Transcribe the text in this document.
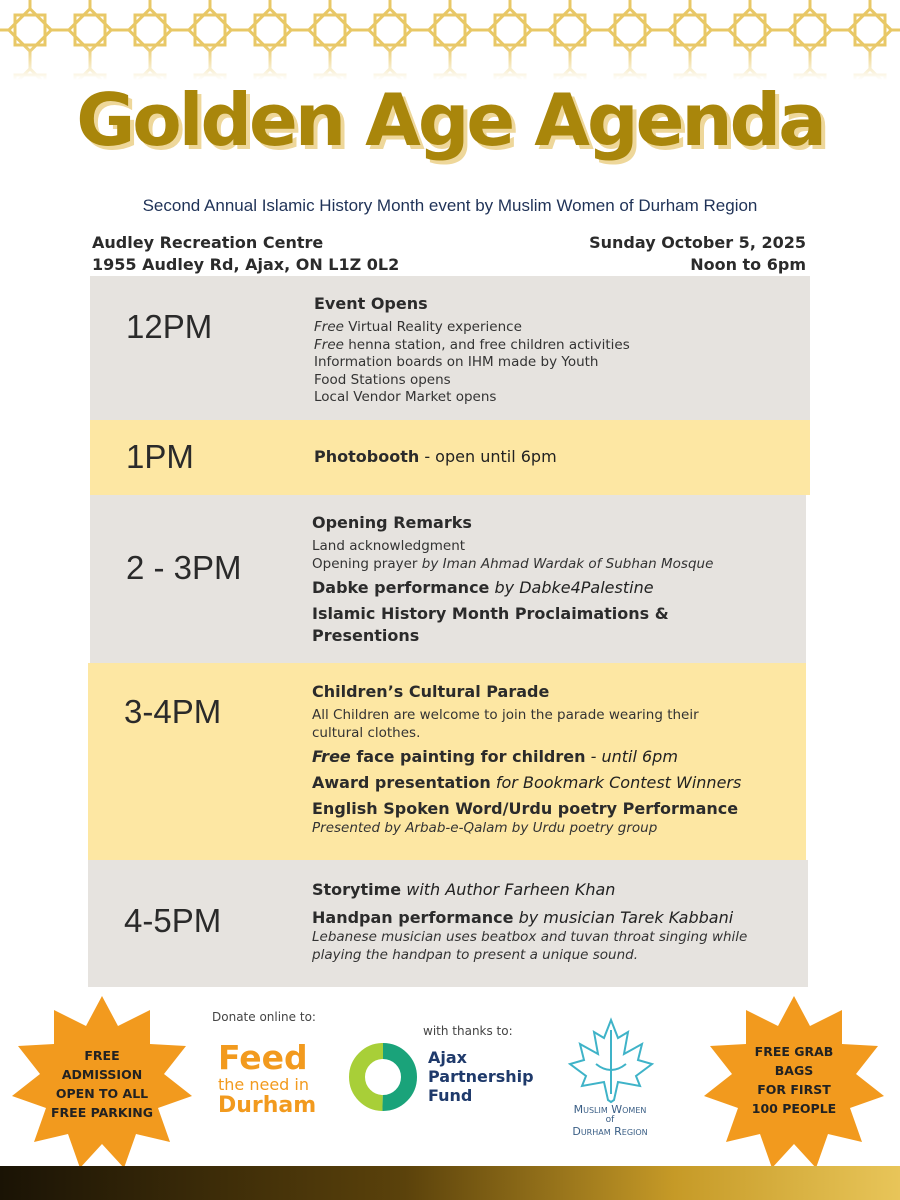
Golden Age Agenda
Second Annual Islamic History Month event by Muslim Women of Durham Region
Audley Recreation Centre
1955 Audley Rd, Ajax, ON L1Z 0L2
Sunday October 5, 2025
Noon to 6pm
12PM
Event Opens
Free Virtual Reality experience
Free henna station, and free children activities
Information boards on IHM made by Youth
Food Stations opens
Local Vendor Market opens
1PM	Photobooth - open until 6pm
2 - 3PM
Opening Remarks
Land acknowledgment
Opening prayer by Iman Ahmad Wardak of Subhan Mosque
Dabke performance by Dabke4Palestine
Islamic History Month Proclaimations & Presentions
3-4PM
Children’s Cultural Parade
All Children are welcome to join the parade wearing their cultural clothes.
Free face painting for children - until 6pm
Award presentation for Bookmark Contest Winners
English Spoken Word/Urdu poetry Performance
Presented by Arbab-e-Qalam by Urdu poetry group
4-5PM
Storytime with Author Farheen Khan
Handpan performance by musician Tarek Kabbani
Lebanese musician uses beatbox and tuvan throat singing while playing the handpan to present a unique sound.
FREE
ADMISSION
OPEN TO ALL
FREE PARKING
Donate online to:
Feed
the need in
Durham
with thanks to:
Ajax
Partnership
Fund
Muslim Women
of
Durham Region
FREE GRAB
BAGS
FOR FIRST
100 PEOPLE
